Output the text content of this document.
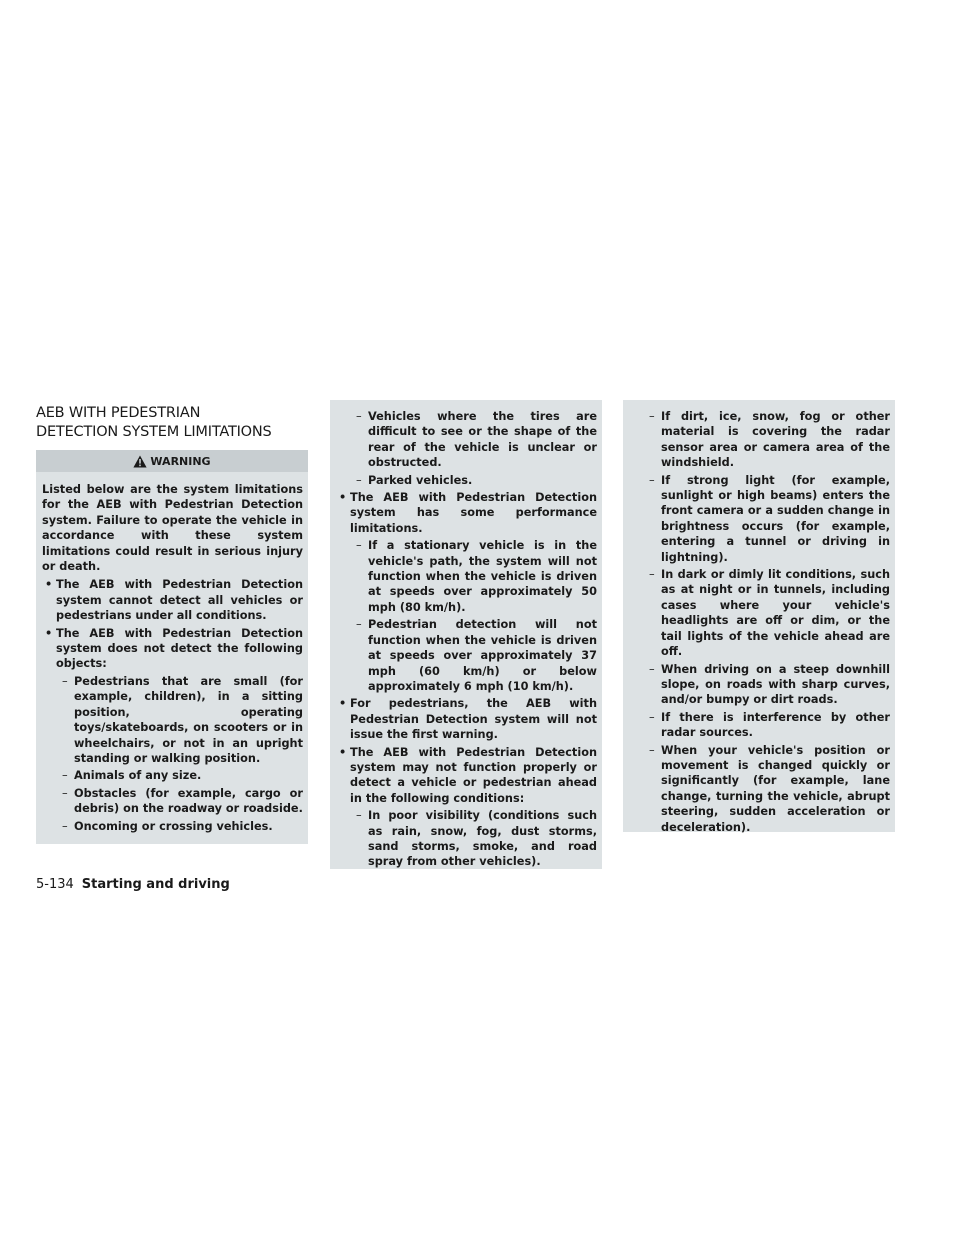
AEB WITH PEDESTRIAN
DETECTION SYSTEM LIMITATIONS

Listed below are the system limitations for the AEB with Pedestrian Detection system. Failure to operate the vehicle in accordance with these system limitations could result in serious injury or death.

• The AEB with Pedestrian Detection system cannot detect all vehicles or pedestrians under all conditions.
• The AEB with Pedestrian Detection system does not detect the following objects:
– Pedestrians that are small (for example, children), in a sitting position, operating toys/skateboards, on scooters or in wheelchairs, or not in an upright standing or walking position.
– Animals of any size.
– Obstacles (for example, cargo or debris) on the roadway or roadside.
– Oncoming or crossing vehicles.
WARNING
– Vehicles where the tires are difficult to see or the shape of the rear of the vehicle is unclear or obstructed.
– Parked vehicles.
• The AEB with Pedestrian Detection system has some performance limitations.
– If a stationary vehicle is in the vehicle's path, the system will not function when the vehicle is driven at speeds over approximately 50 mph (80 km/h).
– Pedestrian detection will not function when the vehicle is driven at speeds over approximately 37 mph (60 km/h) or below approximately 6 mph (10 km/h).
• For pedestrians, the AEB with Pedestrian Detection system will not issue the first warning.
• The AEB with Pedestrian Detection system may not function properly or detect a vehicle or pedestrian ahead in the following conditions:
– In poor visibility (conditions such as rain, snow, fog, dust storms, sand storms, smoke, and road spray from other vehicles).
– If dirt, ice, snow, fog or other material is covering the radar sensor area or camera area of the windshield.
– If strong light (for example, sunlight or high beams) enters the front camera or a sudden change in brightness occurs (for example, entering a tunnel or driving in lightning).
– In dark or dimly lit conditions, such as at night or in tunnels, including cases where your vehicle's headlights are off or dim, or the tail lights of the vehicle ahead are off.
– When driving on a steep downhill slope, on roads with sharp curves, and/or bumpy or dirt roads.
– If there is interference by other radar sources.
– When your vehicle's position or movement is changed quickly or significantly (for example, lane change, turning the vehicle, abrupt steering, sudden acceleration or deceleration).
5-134 Starting and driving
